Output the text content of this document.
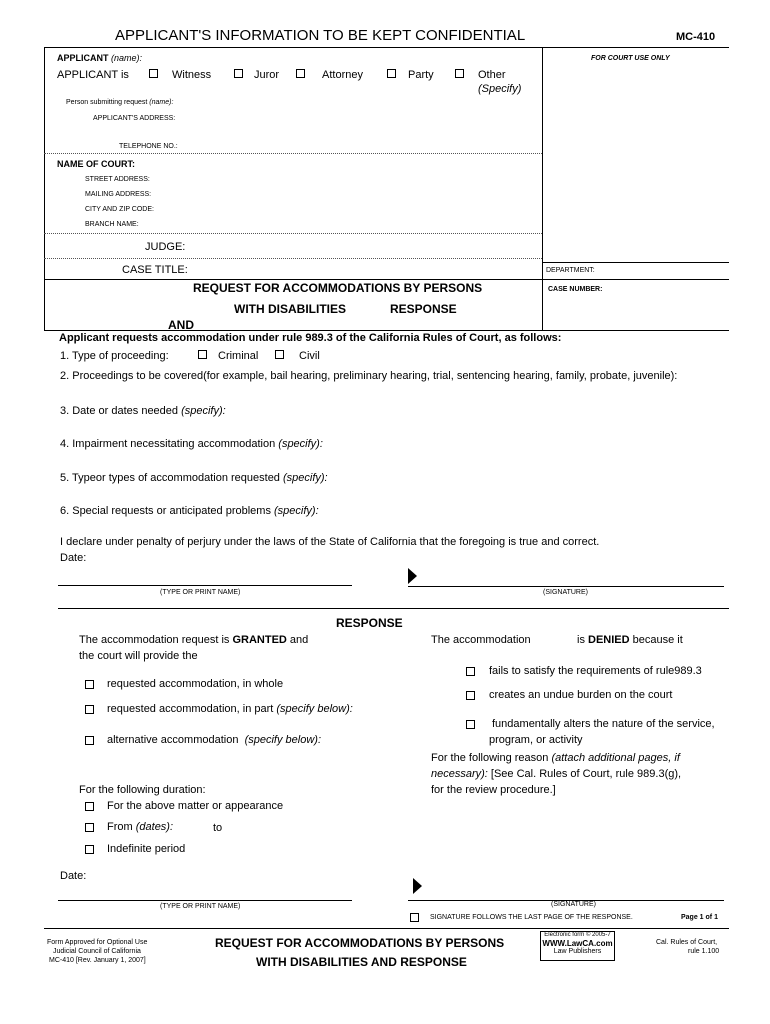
APPLICANT'S INFORMATION TO BE KEPT CONFIDENTIAL	MC-410
FOR COURT USE ONLY
APPLICANT (name):
APPLICANT is	Witness	Juror	Attorney	Party	Other
(Specify)
Person submitting request (name):
APPLICANT'S ADDRESS:
TELEPHONE NO.:
NAME OF COURT:
STREET ADDRESS:
MAILING ADDRESS:
CITY AND ZIP CODE:
BRANCH NAME:
JUDGE:
CASE TITLE:	DEPARTMENT:
CASE NUMBER:
REQUEST FOR ACCOMMODATIONS BY PERSONS
WITH DISABILITIES	RESPONSE
AND
Applicant requests accommodation under rule 989.3 of the California Rules of Court, as follows:
1. Type of proceeding:	Criminal	Civil
2. Proceedings to be covered(for example, bail hearing, preliminary hearing, trial, sentencing hearing, family, probate, juvenile):
3. Date or dates needed (specify):
4. Impairment necessitating accommodation (specify):
5. Typeor types of accommodation requested (specify):
6. Special requests or anticipated problems (specify):
I declare under penalty of perjury under the laws of the State of California that the foregoing is true and correct.
Date:
(TYPE OR PRINT NAME)	(SIGNATURE)
RESPONSE
The accommodation request is GRANTED and
the court will provide the
requested accommodation, in whole
requested accommodation, in part (specify below):
alternative accommodation (specify below):
For the following duration:
For the above matter or appearance
From (dates):	to
Indefinite period
The accommodation	is DENIED because it
fails to satisfy the requirements of rule989.3
creates an undue burden on the court
fundamentally alters the nature of the service,
program, or activity
For the following reason (attach additional pages, if
necessary): [See Cal. Rules of Court, rule 989.3(g),
for the review procedure.]
Date:
(TYPE OR PRINT NAME)	(SIGNATURE)
SIGNATURE FOLLOWS THE LAST PAGE OF THE RESPONSE.	Page 1 of 1
Form Approved for Optional Use
Judicial Council of California
MC-410 [Rev. January 1, 2007]
REQUEST FOR ACCOMMODATIONS BY PERSONS
WITH DISABILITIES AND RESPONSE
Electronic form © 2005-7
WWW.LawCA.com
Law Publishers
Cal. Rules of Court,
rule 1.100
